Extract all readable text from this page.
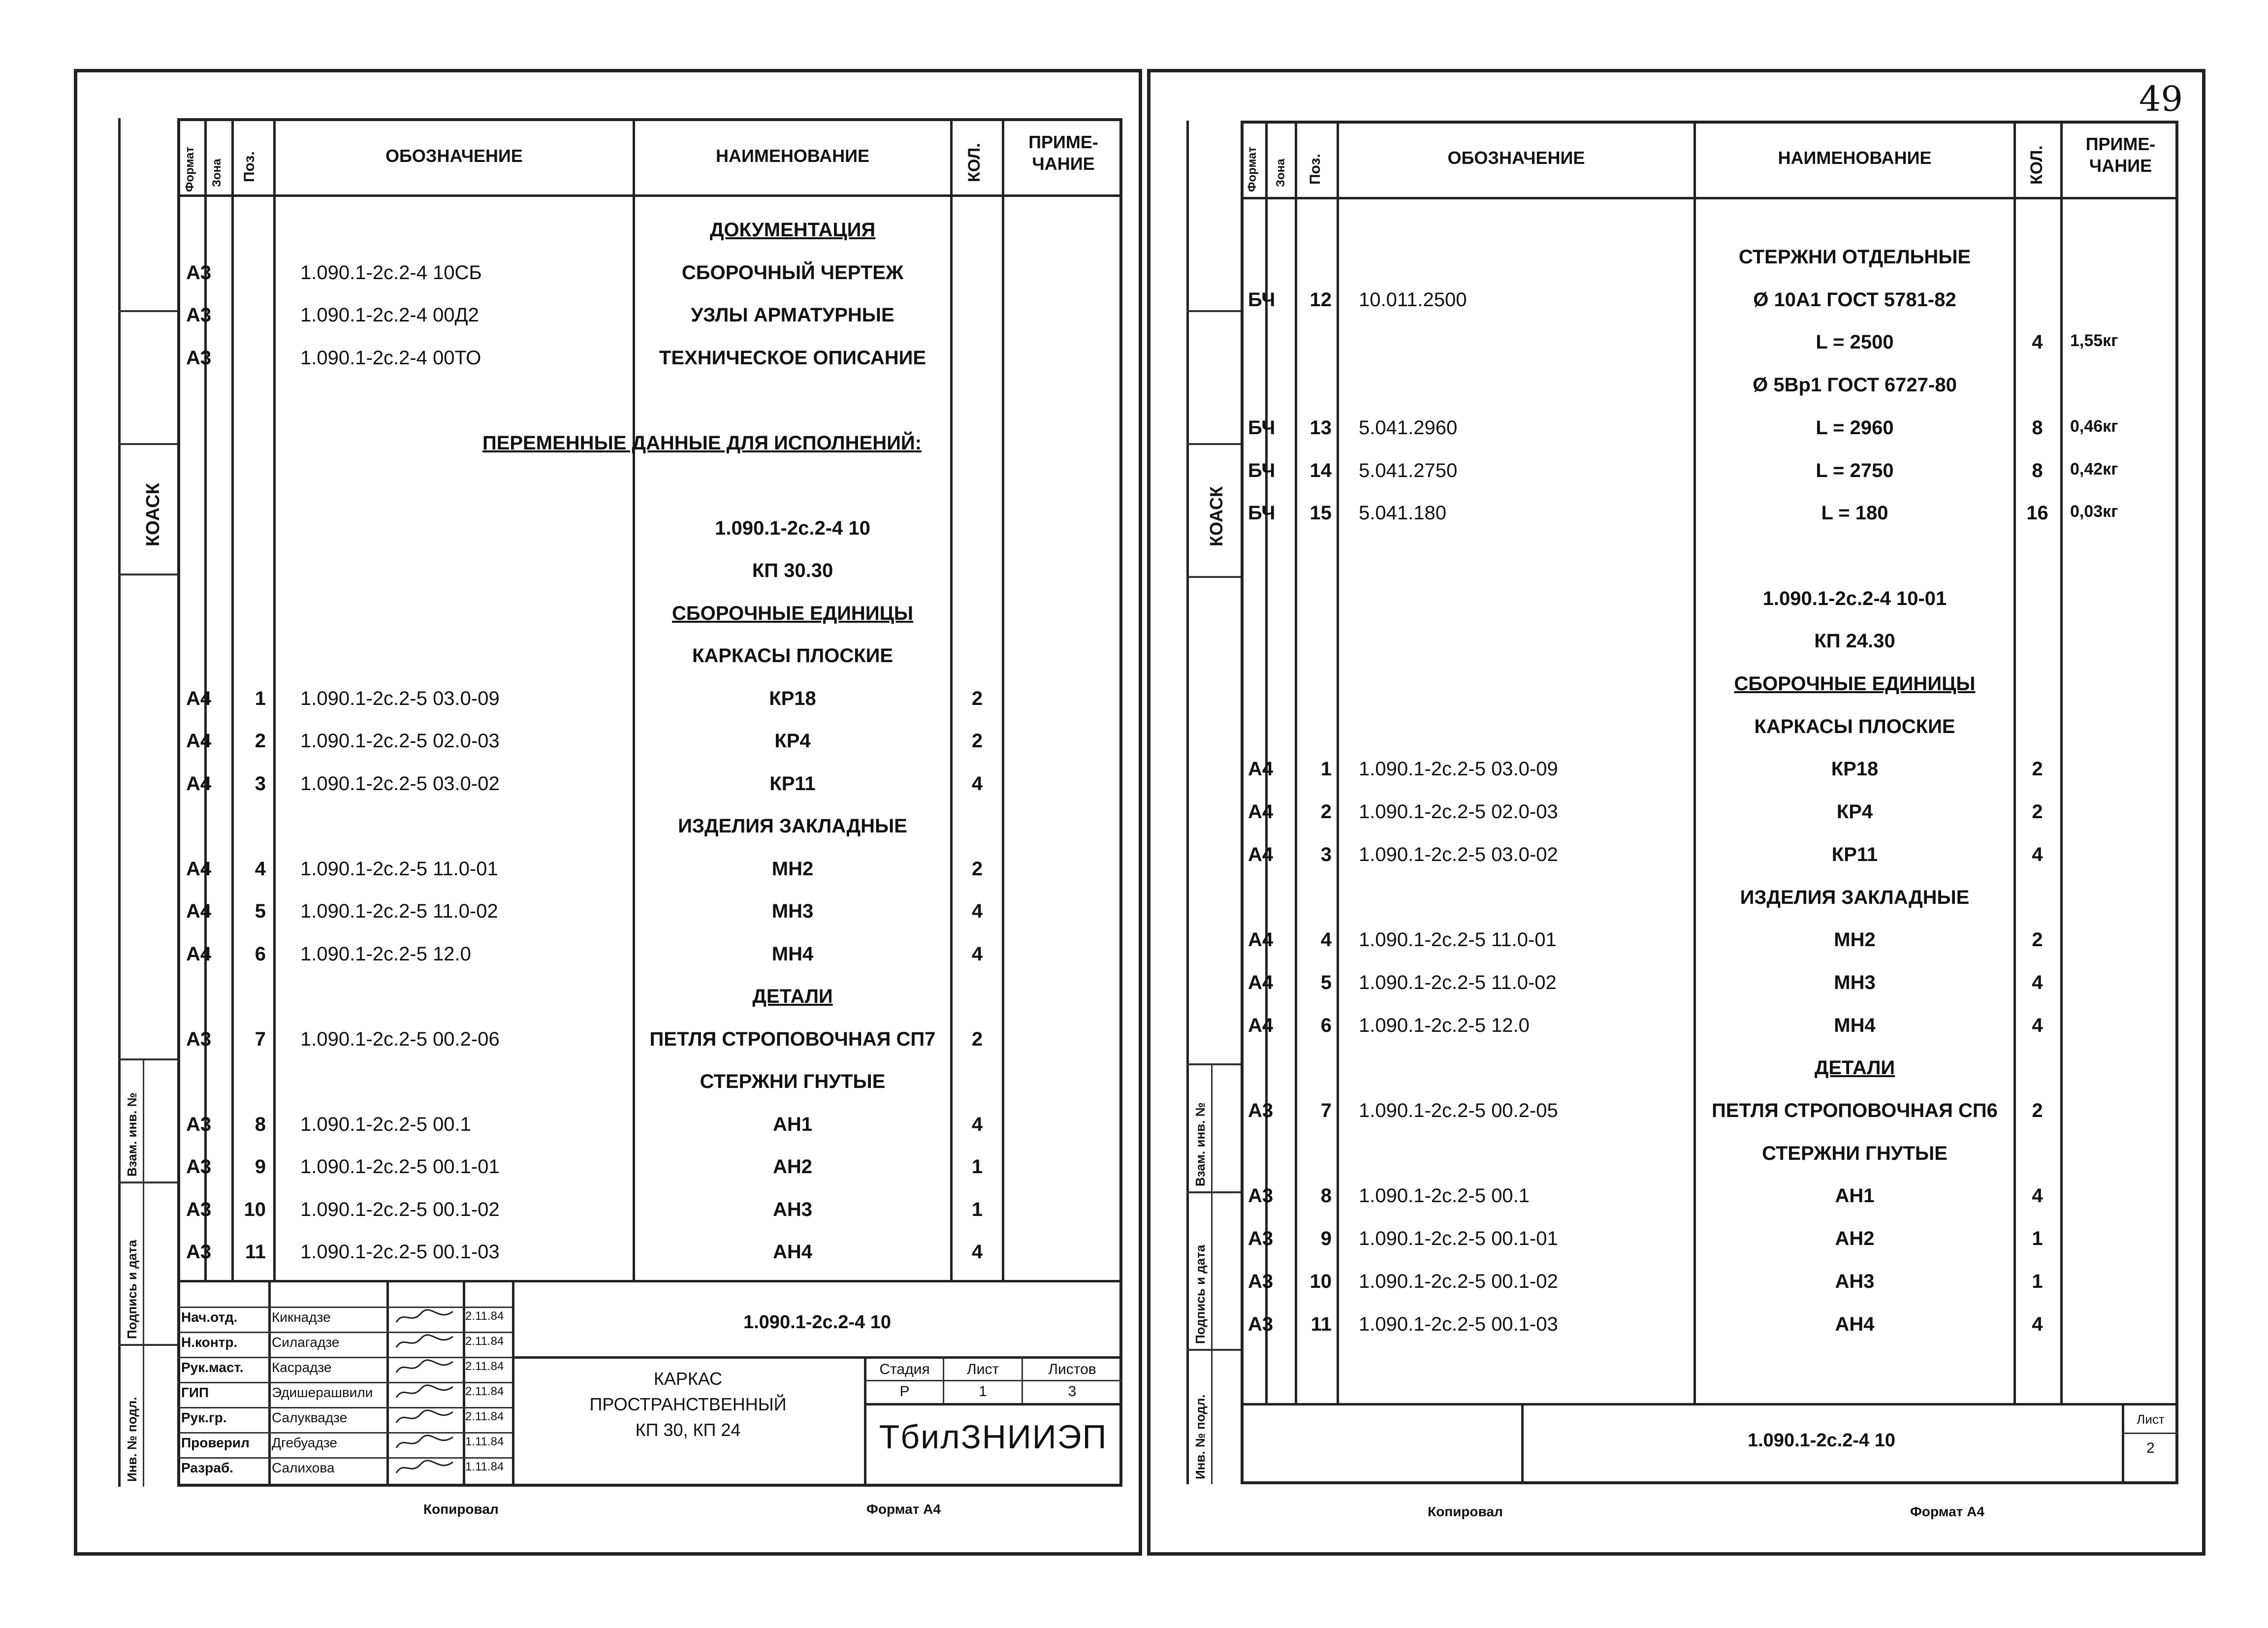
КОАСК
Взам. инв. №
Подпись и дата
Инв. № подл.
Формат Зона Поз.	ОБОЗНАЧЕНИЕ	НАИМЕНОВАНИЕ	КОЛ.
ПРИМЕ-
ЧАНИЕ
ДОКУМЕНТАЦИЯ
А3	1.090.1-2с.2-4 10СБ	СБОРОЧНЫЙ ЧЕРТЕЖ
А3	1.090.1-2с.2-4 00Д2	УЗЛЫ АРМАТУРНЫЕ
А3	1.090.1-2с.2-4 00ТО	ТЕХНИЧЕСКОЕ ОПИСАНИЕ
ПЕРЕМЕННЫЕ ДАННЫЕ ДЛЯ ИСПОЛНЕНИЙ:
1.090.1-2с.2-4 10
КП 30.30
СБОРОЧНЫЕ ЕДИНИЦЫ
КАРКАСЫ ПЛОСКИЕ
А4	1 1.090.1-2с.2-5 03.0-09	КР18	2
А4	2 1.090.1-2с.2-5 02.0-03	КР4	2
А4	3 1.090.1-2с.2-5 03.0-02	КР11	4
ИЗДЕЛИЯ ЗАКЛАДНЫЕ
А4	4 1.090.1-2с.2-5 11.0-01	МН2	2
А4	5 1.090.1-2с.2-5 11.0-02	МН3	4
А4	6 1.090.1-2с.2-5 12.0	МН4	4
ДЕТАЛИ
А3	7 1.090.1-2с.2-5 00.2-06	ПЕТЛЯ СТРОПОВОЧНАЯ СП7	2
СТЕРЖНИ ГНУТЫЕ
А3	8 1.090.1-2с.2-5 00.1	АН1	4
А3	9 1.090.1-2с.2-5 00.1-01	АН2	1
А3	10 1.090.1-2с.2-5 00.1-02	АН3	1
А3	11 1.090.1-2с.2-5 00.1-03	АН4	4
1.090.1-2с.2-4 10
КАРКАС
ПРОСТРАНСТВЕННЫЙ
КП 30, КП 24
Стадия	Лист	Листов
Р	1	3
ТбилЗНИИЭП
Нач.отд.	Кикнадзе	2.11.84
Н.контр.	Силагадзе	2.11.84
Рук.маст.	Касрадзе	2.11.84
ГИП	Эдишерашвили	2.11.84
Рук.гр.	Салуквадзе	2.11.84
Проверил	Дгебуадзе	1.11.84
Разраб.	Салихова	1.11.84
Копировал	Формат А4
49
КОАСК
Взам. инв. №
Подпись и дата
Инв. № подл.
Формат Зона Поз.	ОБОЗНАЧЕНИЕ	НАИМЕНОВАНИЕ	КОЛ.
ПРИМЕ-
ЧАНИЕ
СТЕРЖНИ ОТДЕЛЬНЫЕ
БЧ	12 10.011.2500	Ø 10А1 ГОСТ 5781-82
L = 2500	4	1,55кг
Ø 5Вр1 ГОСТ 6727-80
БЧ	13 5.041.2960	L = 2960	8	0,46кг
БЧ	14 5.041.2750	L = 2750	8	0,42кг
БЧ	15 5.041.180	L = 180	16	0,03кг
1.090.1-2с.2-4 10-01
КП 24.30
СБОРОЧНЫЕ ЕДИНИЦЫ
КАРКАСЫ ПЛОСКИЕ
А4	1 1.090.1-2с.2-5 03.0-09	КР18	2
А4	2 1.090.1-2с.2-5 02.0-03	КР4	2
А4	3 1.090.1-2с.2-5 03.0-02	КР11	4
ИЗДЕЛИЯ ЗАКЛАДНЫЕ
А4	4 1.090.1-2с.2-5 11.0-01	МН2	2
А4	5 1.090.1-2с.2-5 11.0-02	МН3	4
А4	6 1.090.1-2с.2-5 12.0	МН4	4
ДЕТАЛИ
А3	7 1.090.1-2с.2-5 00.2-05	ПЕТЛЯ СТРОПОВОЧНАЯ СП6	2
СТЕРЖНИ ГНУТЫЕ
А3	8 1.090.1-2с.2-5 00.1	АН1	4
А3	9 1.090.1-2с.2-5 00.1-01	АН2	1
А3	10 1.090.1-2с.2-5 00.1-02	АН3	1
А3	11 1.090.1-2с.2-5 00.1-03	АН4	4
1.090.1-2с.2-4 10
Лист
2
Копировал	Формат А4
